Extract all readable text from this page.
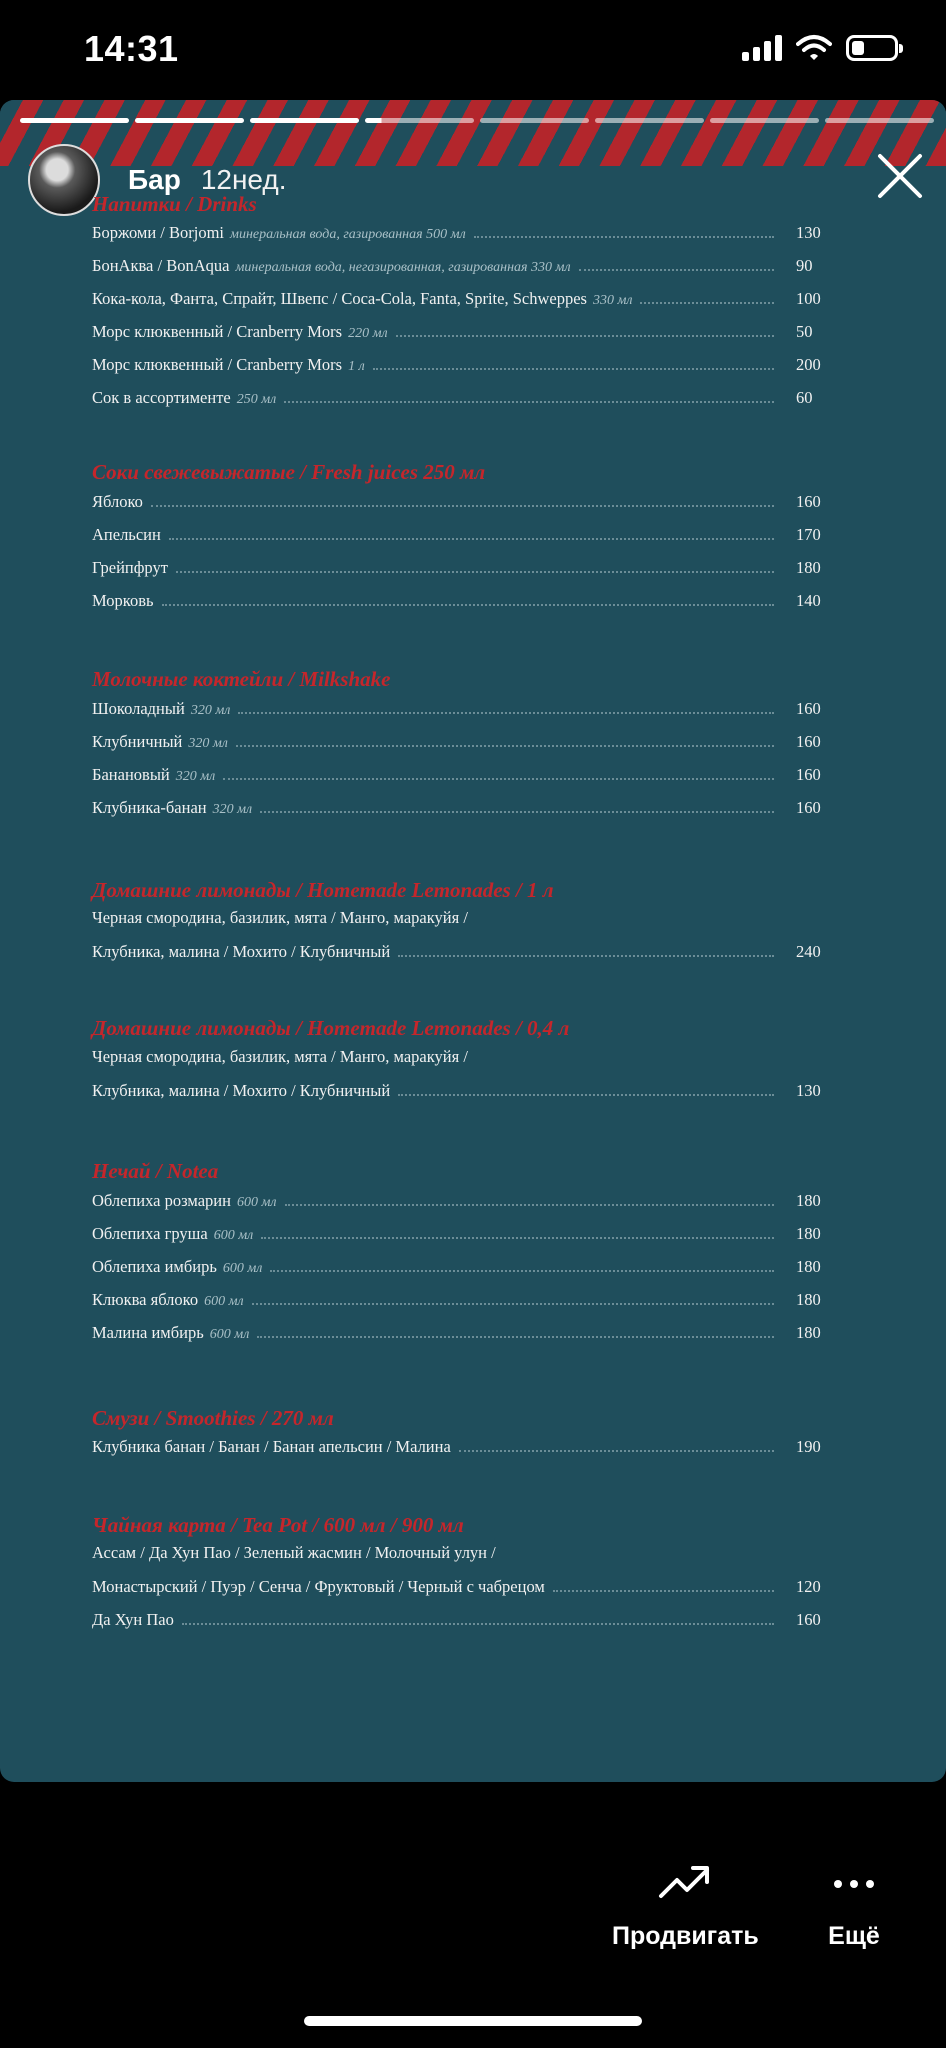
14:31
Бар 12нед.
Напитки / Drinks
Боржоми / Borjomi минеральная вода, газированная 500 мл	130
БонАква / BonAqua минеральная вода, негазированная, газированная 330 мл	90
Кока-кола, Фанта, Спрайт, Швепс / Coca-Cola, Fanta, Sprite, Schweppes 330 мл	100
Морс клюквенный / Cranberry Mors 220 мл	50
Морс клюквенный / Cranberry Mors 1 л	200
Сок в ассортименте 250 мл	60
Соки свежевыжатые / Fresh juices 250 мл
Яблоко	160
Апельсин	170
Грейпфрут	180
Морковь	140
Молочные коктейли / Milkshake
Шоколадный 320 мл	160
Клубничный 320 мл	160
Банановый 320 мл	160
Клубника-банан 320 мл	160
Домашние лимонады / Homemade Lemonades / 1 л
Черная смородина, базилик, мята / Манго, маракуйя /
Клубника, малина / Мохито / Клубничный	240
Домашние лимонады / Homemade Lemonades / 0,4 л
Черная смородина, базилик, мята / Манго, маракуйя /
Клубника, малина / Мохито / Клубничный	130
Нечай / Notea
Облепиха розмарин 600 мл	180
Облепиха груша 600 мл	180
Облепиха имбирь 600 мл	180
Клюква яблоко 600 мл	180
Малина имбирь 600 мл	180
Смузи / Smoothies / 270 мл
Клубника банан / Банан / Банан апельсин / Малина	190
Чайная карта / Tea Pot / 600 мл / 900 мл
Ассам / Да Хун Пао / Зеленый жасмин / Молочный улун /
Монастырский / Пуэр / Сенча / Фруктовый / Черный с чабрецом	120
Да Хун Пао	160
Продвигать	Ещё
